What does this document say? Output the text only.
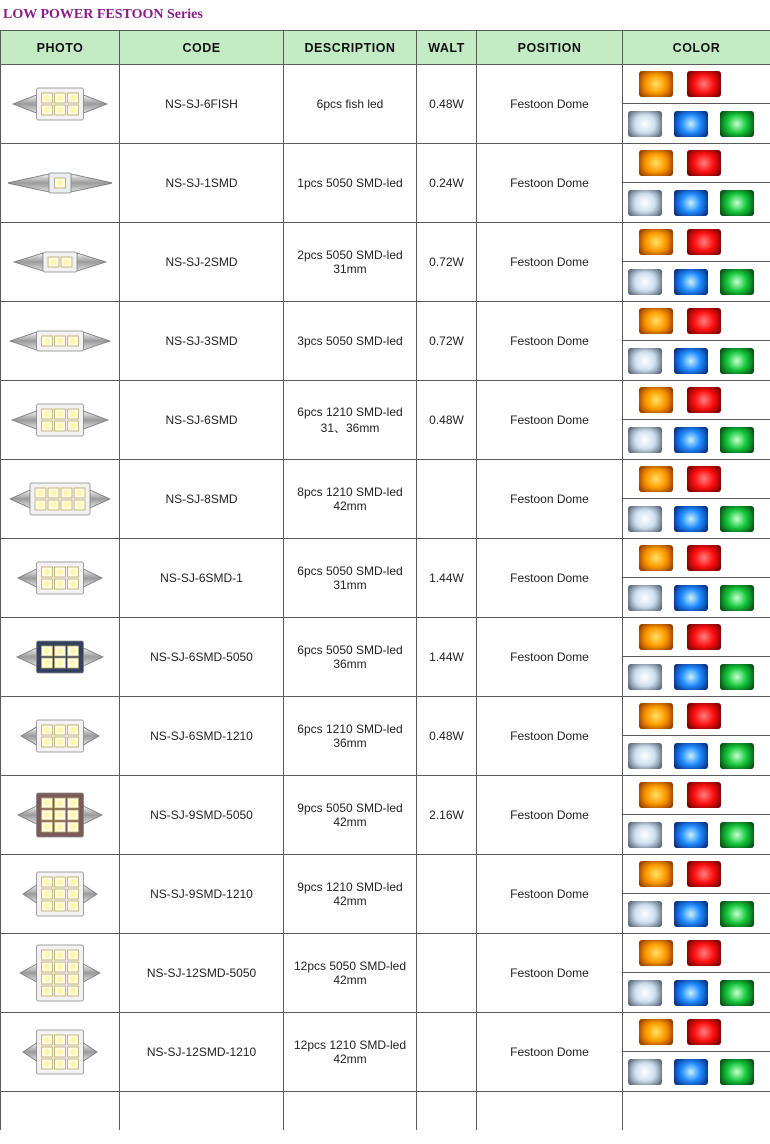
LOW POWER FESTOON Series
PHOTO	CODE	DESCRIPTION	WALT	POSITION	COLOR

	NS-SJ-6FISH	6pcs fish led	0.48W	Festoon Dome	

	NS-SJ-1SMD	1pcs 5050 SMD-led	0.24W	Festoon Dome	

	NS-SJ-2SMD	2pcs 5050 SMD-led
31mm	0.72W	Festoon Dome	

	NS-SJ-3SMD	3pcs 5050 SMD-led	0.72W	Festoon Dome	

	NS-SJ-6SMD	6pcs 1210 SMD-led
31、36mm	0.48W	Festoon Dome	

	NS-SJ-8SMD	8pcs 1210 SMD-led
42mm		Festoon Dome	

	NS-SJ-6SMD-1	6pcs 5050 SMD-led
31mm	1.44W	Festoon Dome	

	NS-SJ-6SMD-5050	6pcs 5050 SMD-led
36mm	1.44W	Festoon Dome	

	NS-SJ-6SMD-1210	6pcs 1210 SMD-led
36mm	0.48W	Festoon Dome	

	NS-SJ-9SMD-5050	9pcs 5050 SMD-led
42mm	2.16W	Festoon Dome	

	NS-SJ-9SMD-1210	9pcs 1210 SMD-led
42mm		Festoon Dome	

	NS-SJ-12SMD-5050	12pcs 5050 SMD-led
42mm		Festoon Dome	

	NS-SJ-12SMD-1210	12pcs 1210 SMD-led
42mm		Festoon Dome	
